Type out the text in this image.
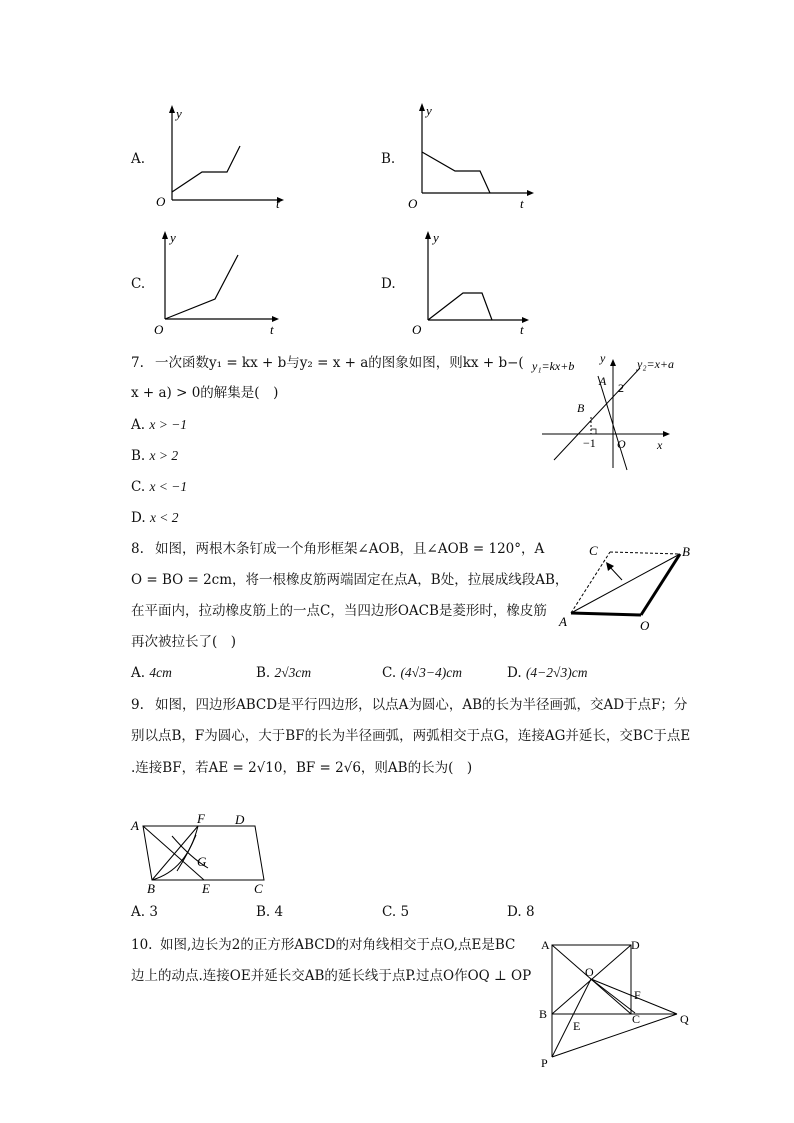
A.
y
t
O
B.
y
t
O
C.
y
t
O
D.
y
t
O
7. 一次函数y₁ = kx + b与y₂ = x + a的图象如图，则kx + b−(
x + a) > 0的解集是(　)
A. x > −1
B. x > 2
C. x < −1
D. x < 2
y₁=kx+b	y₂=x+a
y
x
A
B
2
O
−1
8. 如图，两根木条钉成一个角形框架∠AOB，且∠AOB = 120°，A
O = BO = 2cm，将一根橡皮筋两端固定在点A，B处，拉展成线段AB，
在平面内，拉动橡皮筋上的一点C，当四边形OACB是菱形时，橡皮筋
再次被拉长了(　)
A. 4cm	B. 2√3cm	C. (4√3−4)cm	D. (4−2√3)cm
A
B
C
O
9. 如图，四边形ABCD是平行四边形，以点A为圆心，AB的长为半径画弧，交AD于点F；分
别以点B，F为圆心，大于BF的长为半径画弧，两弧相交于点G，连接AG并延长，交BC于点E
.连接BF，若AE = 2√10，BF = 2√6，则AB的长为(　)
A
B	C
D
E
F
G
A. 3	B. 4	C. 5	D. 8
10. 如图,边长为2的正方形ABCD的对角线相交于点O,点E是BC
边上的动点.连接OE并延长交AB的延长线于点P.过点O作OQ ⊥ OP
A
B	C
D
E
F
O
P
Q
